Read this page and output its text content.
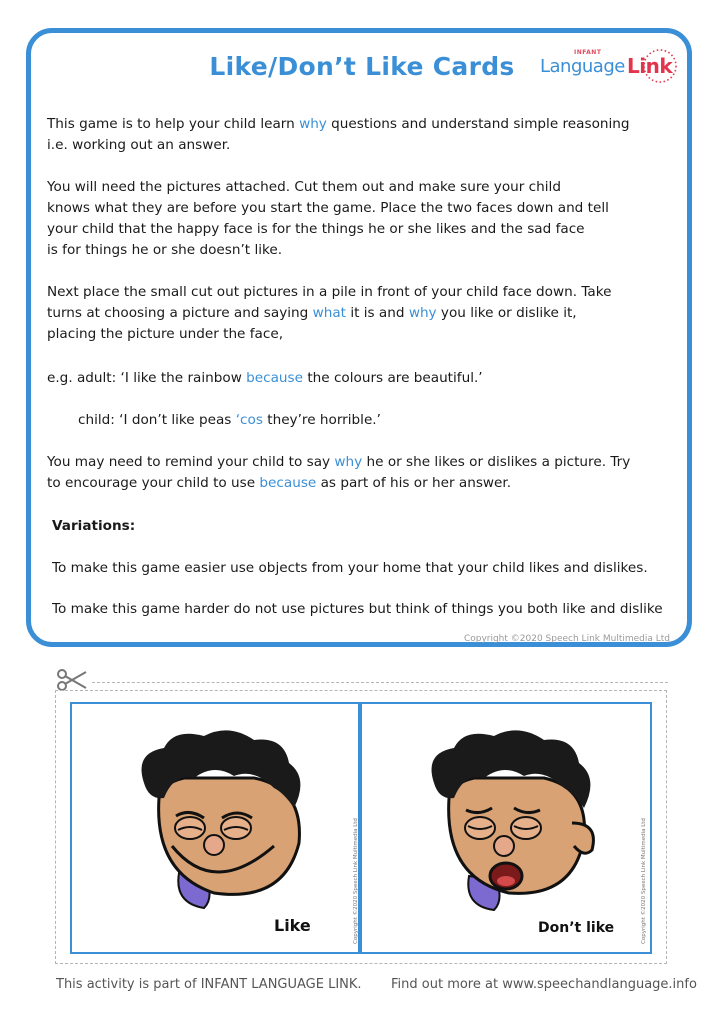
Like/Don’t Like Cards	INFANT
Language Link

This game is to help your child learn why questions and understand simple reasoning
i.e. working out an answer.

You will need the pictures attached. Cut them out and make sure your child
knows what they are before you start the game. Place the two faces down and tell
your child that the happy face is for the things he or she likes and the sad face
is for things he or she doesn’t like.

Next place the small cut out pictures in a pile in front of your child face down. Take
turns at choosing a picture and saying what it is and why you like or dislike it,
placing the picture under the face,

e.g. adult: ‘I like the rainbow because the colours are beautiful.’

child: ‘I don’t like peas ‘cos they’re horrible.’

You may need to remind your child to say why he or she likes or dislikes a picture. Try
to encourage your child to use because as part of his or her answer.

Variations:

To make this game easier use objects from your home that your child likes and dislikes.

To make this game harder do not use pictures but think of things you both like and dislike

Copyright ©2020 Speech Link Multimedia Ltd
Like	Copyright ©2020 Speech Link Multimedia Ltd	Don’t like	Copyright ©2020 Speech Link Multimedia Ltd
This activity is part of INFANT LANGUAGE LINK. Find out more at www.speechandlanguage.info
